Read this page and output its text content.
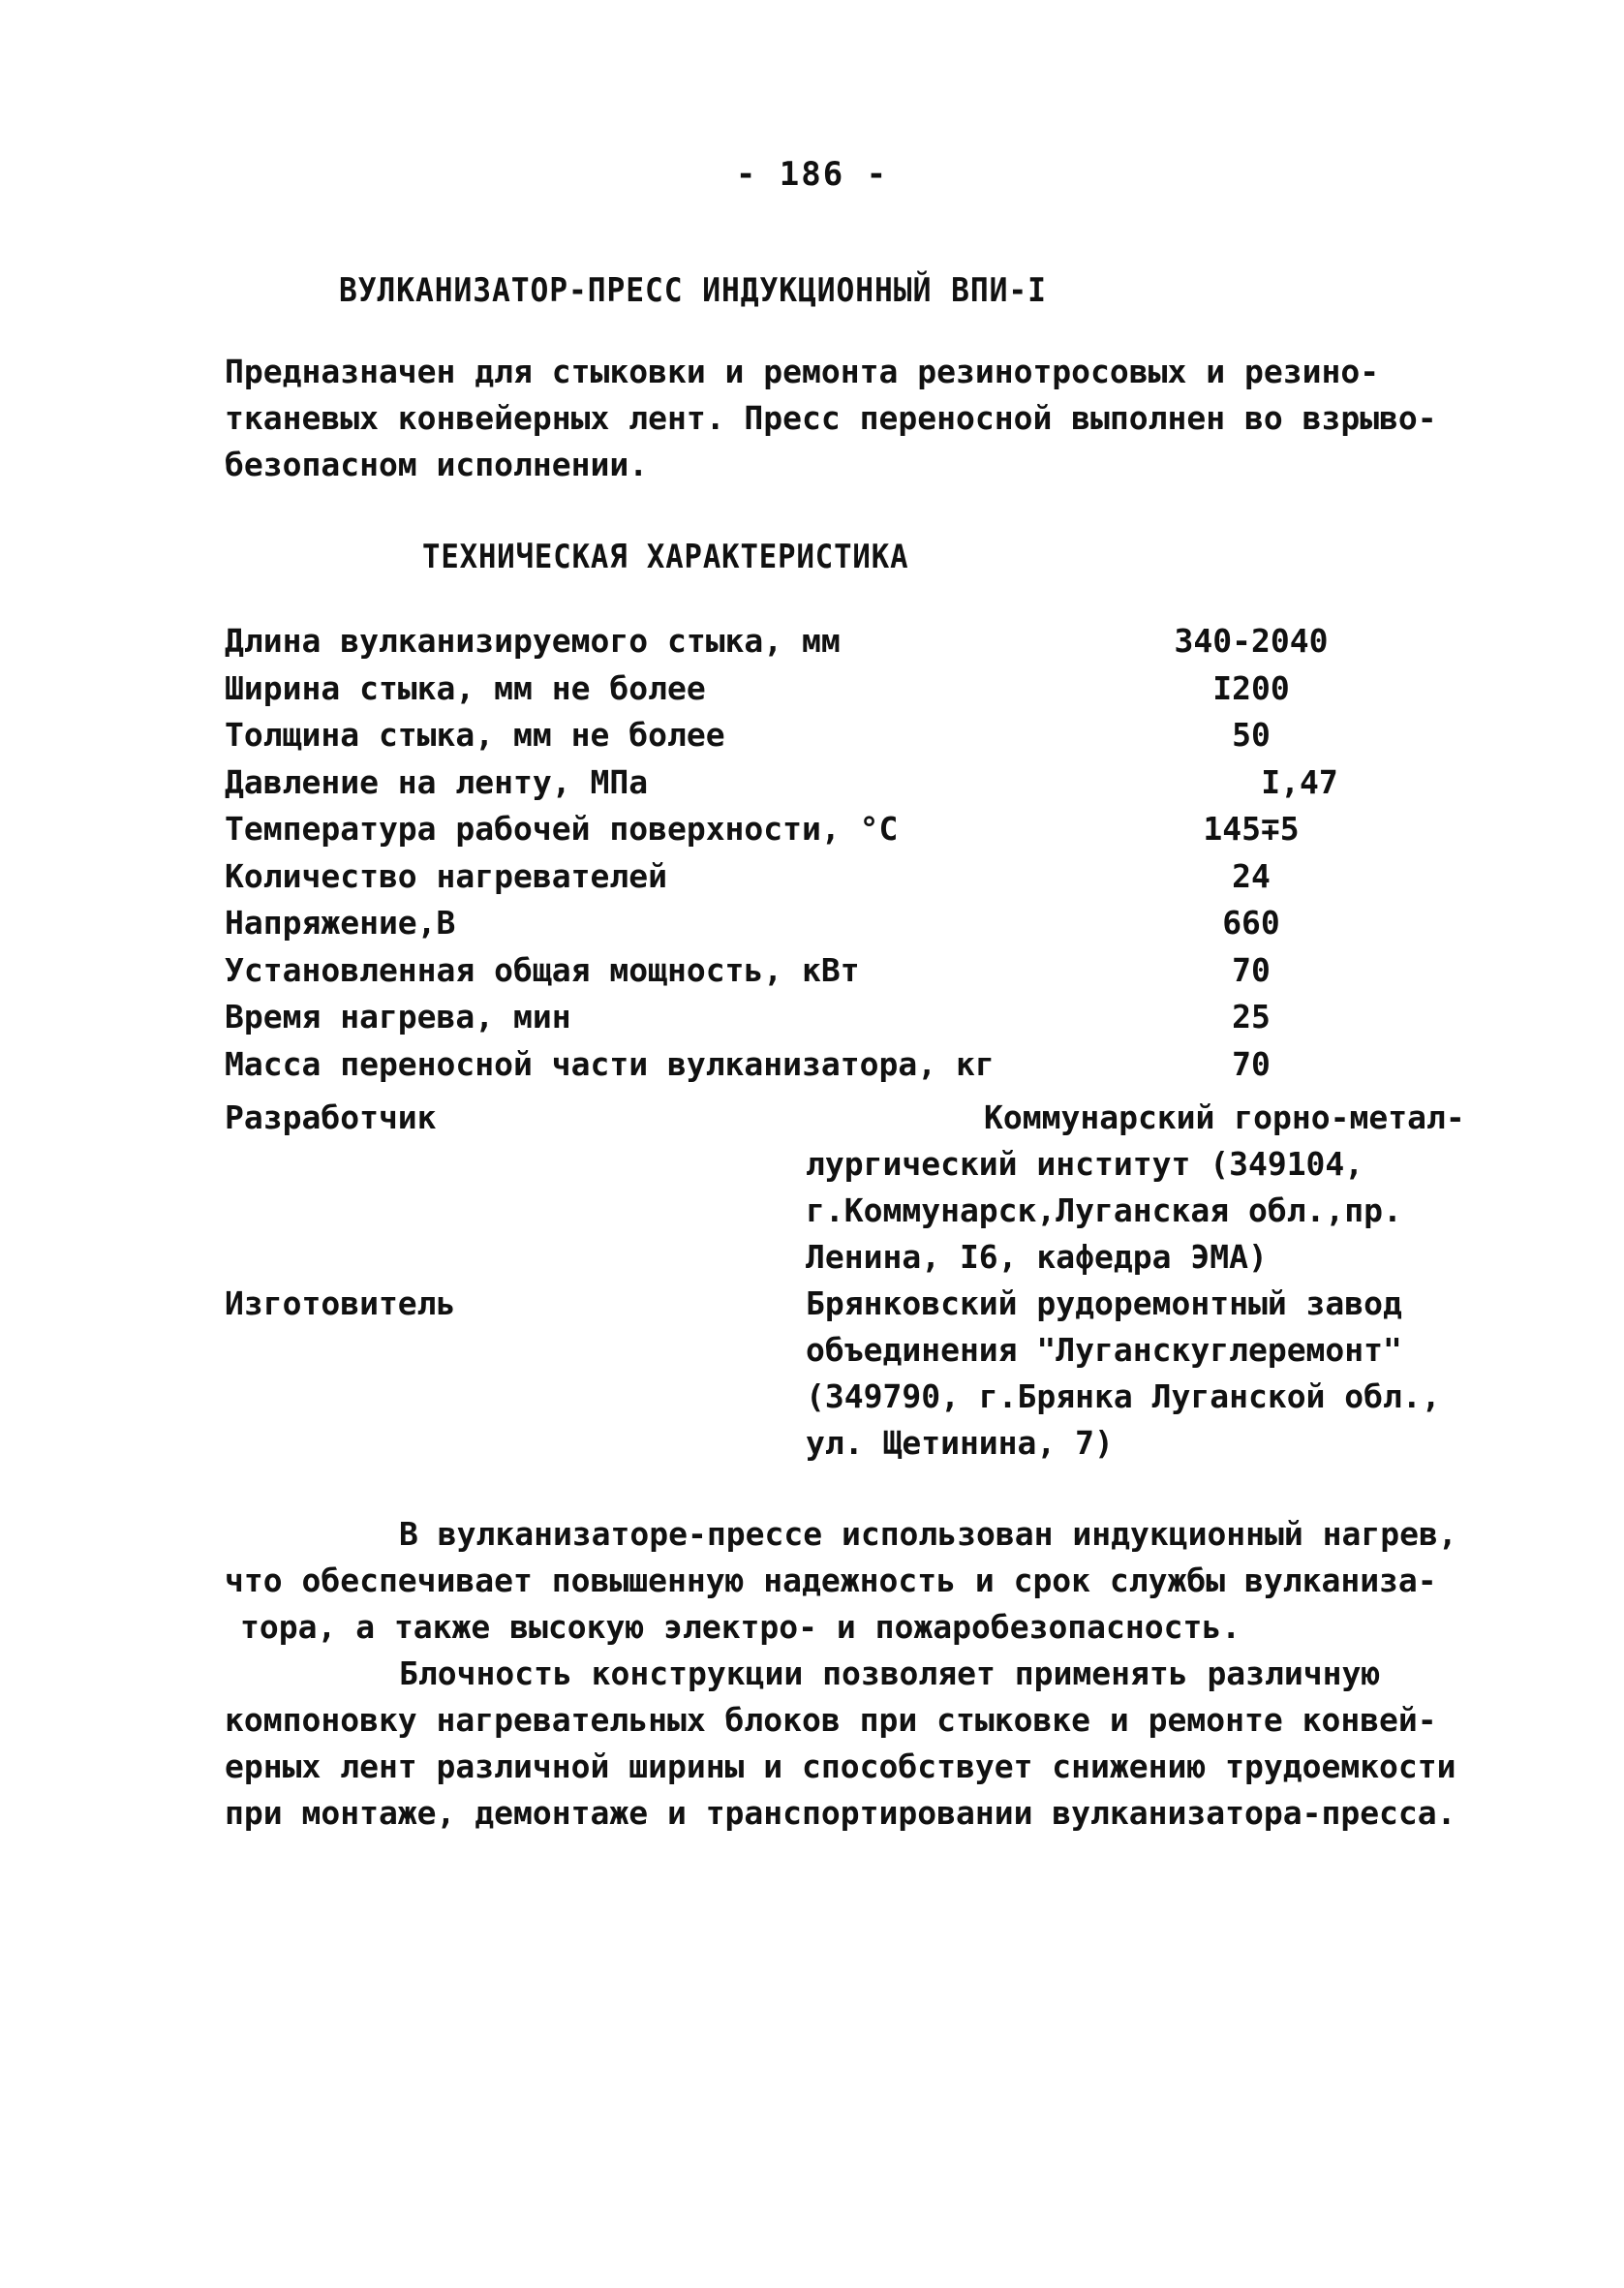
- 186 -
ВУЛКАНИЗАТОР-ПРЕСС ИНДУКЦИОННЫЙ ВПИ-I
Предназначен для стыковки и ремонта резинотросовых и резино-
тканевых конвейерных лент. Пресс переносной выполнен во взрыво-
безопасном исполнении.
ТЕХНИЧЕСКАЯ ХАРАКТЕРИСТИКА
Длина вулканизируемого стыка, мм	340-2040
Ширина стыка, мм не более	I200
Толщина стыка, мм не более	50
Давление на ленту, МПа	I,47
Температура рабочей поверхности, °С	145∓5
Количество нагревателей	24
Напряжение,В	660
Установленная общая мощность, кВт	70
Время нагрева, мин	25
Масса переносной части вулканизатора, кг	70
Разработчик	Коммунарский горно-метал-
лургический институт (349104,
г.Коммунарск,Луганская обл.,пр.
Ленина, I6, кафедра ЭМА)
Изготовитель	Брянковский рудоремонтный завод
объединения "Луганскуглеремонт"
(349790, г.Брянка Луганской обл.,
ул. Щетинина, 7)
В вулканизаторе-прессе использован индукционный нагрев,
что обеспечивает повышенную надежность и срок службы вулканиза-
тора, а также высокую электро- и пожаробезопасность.
Блочность конструкции позволяет применять различную
компоновку нагревательных блоков при стыковке и ремонте конвей-
ерных лент различной ширины и способствует снижению трудоемкости
при монтаже, демонтаже и транспортировании вулканизатора-пресса.
